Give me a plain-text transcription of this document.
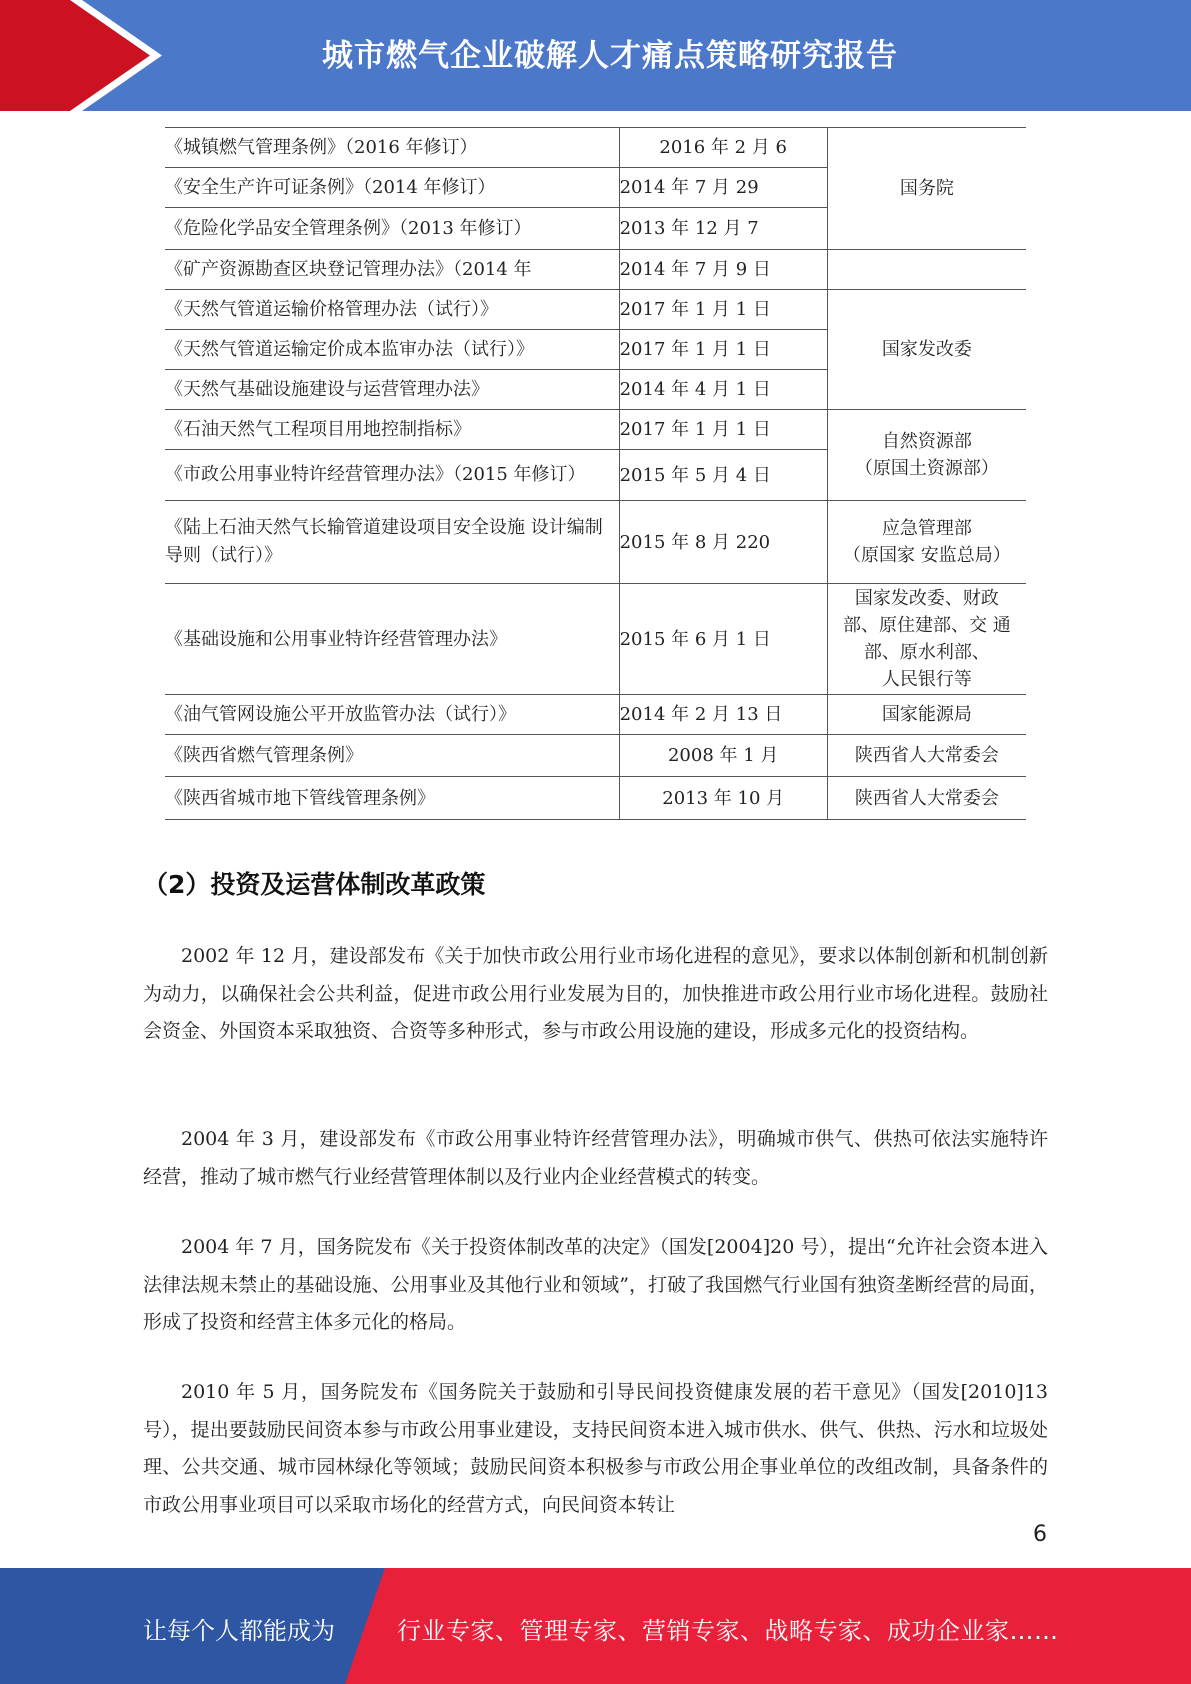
城市燃气企业破解人才痛点策略研究报告
《城镇燃气管理条例》（2016 年修订）	2016 年 2 月 6	国务院
《安全生产许可证条例》（2014 年修订）	2014 年 7 月 29	
《危险化学品安全管理条例》（2013 年修订）	2013 年 12 月 7	
《矿产资源勘查区块登记管理办法》（2014 年	2014 年 7 月 9 日	
《天然气管道运输价格管理办法（试行）》	2017 年 1 月 1 日	国家发改委
《天然气管道运输定价成本监审办法（试行）》	2017 年 1 月 1 日	
《天然气基础设施建设与运营管理办法》	2014 年 4 月 1 日	
《石油天然气工程项目用地控制指标》	2017 年 1 月 1 日	自然资源部
（原国土资源部）

《市政公用事业特许经营管理办法》（2015 年修订）	2015 年 5 月 4 日	
《陆上石油天然气长输管道建设项目安全设施 设计编制导则（试行）》	2015 年 8 月 220	应急管理部
（原国家 安监总局）

《基础设施和公用事业特许经营管理办法》	2015 年 6 月 1 日	国家发改委、财政
部、原住建部、交 通
部、原水利部、
人民银行等

《油气管网设施公平开放监管办法（试行）》	2014 年 2 月 13 日	国家能源局
《陕西省燃气管理条例》	2008 年 1 月	陕西省人大常委会
《陕西省城市地下管线管理条例》	2013 年 10 月	陕西省人大常委会
（2）投资及运营体制改革政策

2002 年 12 月，建设部发布《关于加快市政公用行业市场化进程的意见》，要求以体制创新和机制创新为动力，以确保社会公共利益，促进市政公用行业发展为目的，加快推进市政公用行业市场化进程。鼓励社会资金、外国资本采取独资、合资等多种形式，参与市政公用设施的建设，形成多元化的投资结构。

2004 年 3 月，建设部发布《市政公用事业特许经营管理办法》，明确城市供气、供热可依法实施特许经营，推动了城市燃气行业经营管理体制以及行业内企业经营模式的转变。

2004 年 7 月，国务院发布《关于投资体制改革的决定》（国发[2004]20 号），提出“允许社会资本进入法律法规未禁止的基础设施、公用事业及其他行业和领域”，打破了我国燃气行业国有独资垄断经营的局面，形成了投资和经营主体多元化的格局。

2010 年 5 月，国务院发布《国务院关于鼓励和引导民间投资健康发展的若干意见》（国发[2010]13 号），提出要鼓励民间资本参与市政公用事业建设，支持民间资本进入城市供水、供气、供热、污水和垃圾处理、公共交通、城市园林绿化等领域；鼓励民间资本积极参与市政公用企事业单位的改组改制，具备条件的市政公用事业项目可以采取市场化的经营方式，向民间资本转让

6
让每个人都能成为	行业专家、管理专家、营销专家、战略专家、成功企业家……
